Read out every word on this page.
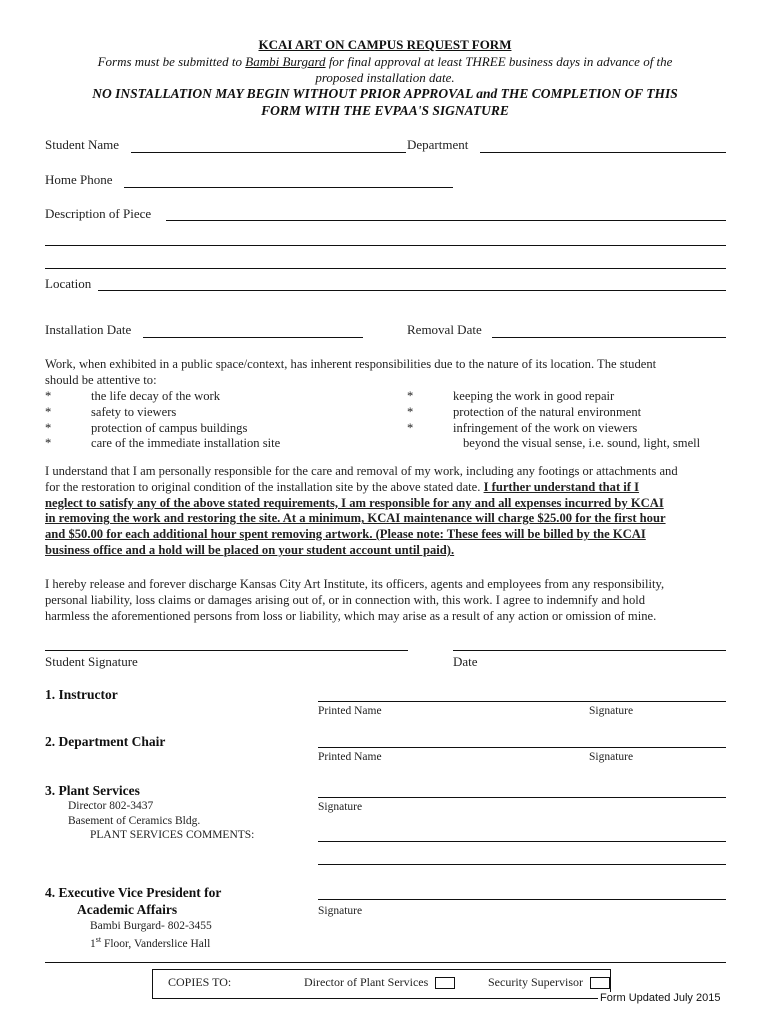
KCAI ART ON CAMPUS REQUEST FORM
Forms must be submitted to Bambi Burgard for final approval at least THREE business days in advance of the
proposed installation date.
NO INSTALLATION MAY BEGIN WITHOUT PRIOR APPROVAL and THE COMPLETION OF THIS
FORM WITH THE EVPAA'S SIGNATURE
Student Name	Department
Home Phone
Description of Piece
Location
Installation Date	Removal Date
Work, when exhibited in a public space/context, has inherent responsibilities due to the nature of its location. The student
should be attentive to:
*	the life decay of the work
*	safety to viewers
*	protection of campus buildings
*	care of the immediate installation site
*	keeping the work in good repair
*	protection of the natural environment
*	infringement of the work on viewers
beyond the visual sense, i.e. sound, light, smell
I understand that I am personally responsible for the care and removal of my work, including any footings or attachments and
for the restoration to original condition of the installation site by the above stated date. I further understand that if I
neglect to satisfy any of the above stated requirements, I am responsible for any and all expenses incurred by KCAI
in removing the work and restoring the site. At a minimum, KCAI maintenance will charge $25.00 for the first hour
and $50.00 for each additional hour spent removing artwork. (Please note: These fees will be billed by the KCAI
business office and a hold will be placed on your student account until paid).
I hereby release and forever discharge Kansas City Art Institute, its officers, agents and employees from any responsibility,
personal liability, loss claims or damages arising out of, or in connection with, this work. I agree to indemnify and hold
harmless the aforementioned persons from loss or liability, which may arise as a result of any action or omission of mine.
Student Signature	Date
1. Instructor
Printed Name	Signature
2. Department Chair
Printed Name	Signature
3. Plant Services
Director 802-3437
Basement of Ceramics Bldg.
PLANT SERVICES COMMENTS:
Signature
4. Executive Vice President for
Academic Affairs
Bambi Burgard- 802-3455
1st Floor, Vanderslice Hall
Signature
COPIES TO:	Director of Plant Services	Security Supervisor
Form Updated July 2015
